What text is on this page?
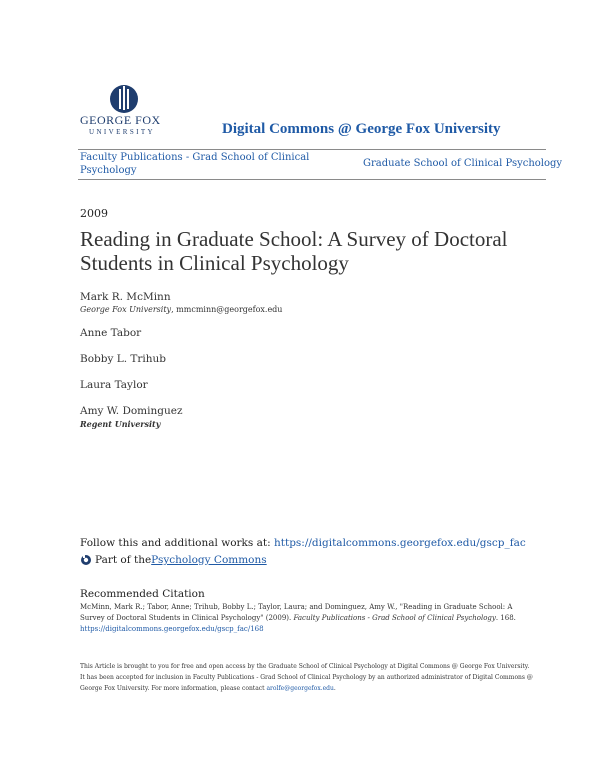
GEORGE FOX
UNIVERSITY	Digital Commons @ George Fox University
Faculty Publications - Grad School of Clinical Psychology
Graduate School of Clinical Psychology
2009
Reading in Graduate School: A Survey of Doctoral Students in Clinical Psychology
Mark R. McMinn
George Fox University, mmcminn@georgefox.edu
Anne Tabor
Bobby L. Trihub
Laura Taylor
Amy W. Dominguez
Regent University
Follow this and additional works at: https://digitalcommons.georgefox.edu/gscp_fac
Part of the Psychology Commons
Recommended Citation
McMinn, Mark R.; Tabor, Anne; Trihub, Bobby L.; Taylor, Laura; and Dominguez, Amy W., "Reading in Graduate School: A Survey of Doctoral Students in Clinical Psychology" (2009). Faculty Publications - Grad School of Clinical Psychology. 168.
https://digitalcommons.georgefox.edu/gscp_fac/168
This Article is brought to you for free and open access by the Graduate School of Clinical Psychology at Digital Commons @ George Fox University. It has been accepted for inclusion in Faculty Publications - Grad School of Clinical Psychology by an authorized administrator of Digital Commons @ George Fox University. For more information, please contact arolfe@georgefox.edu.
